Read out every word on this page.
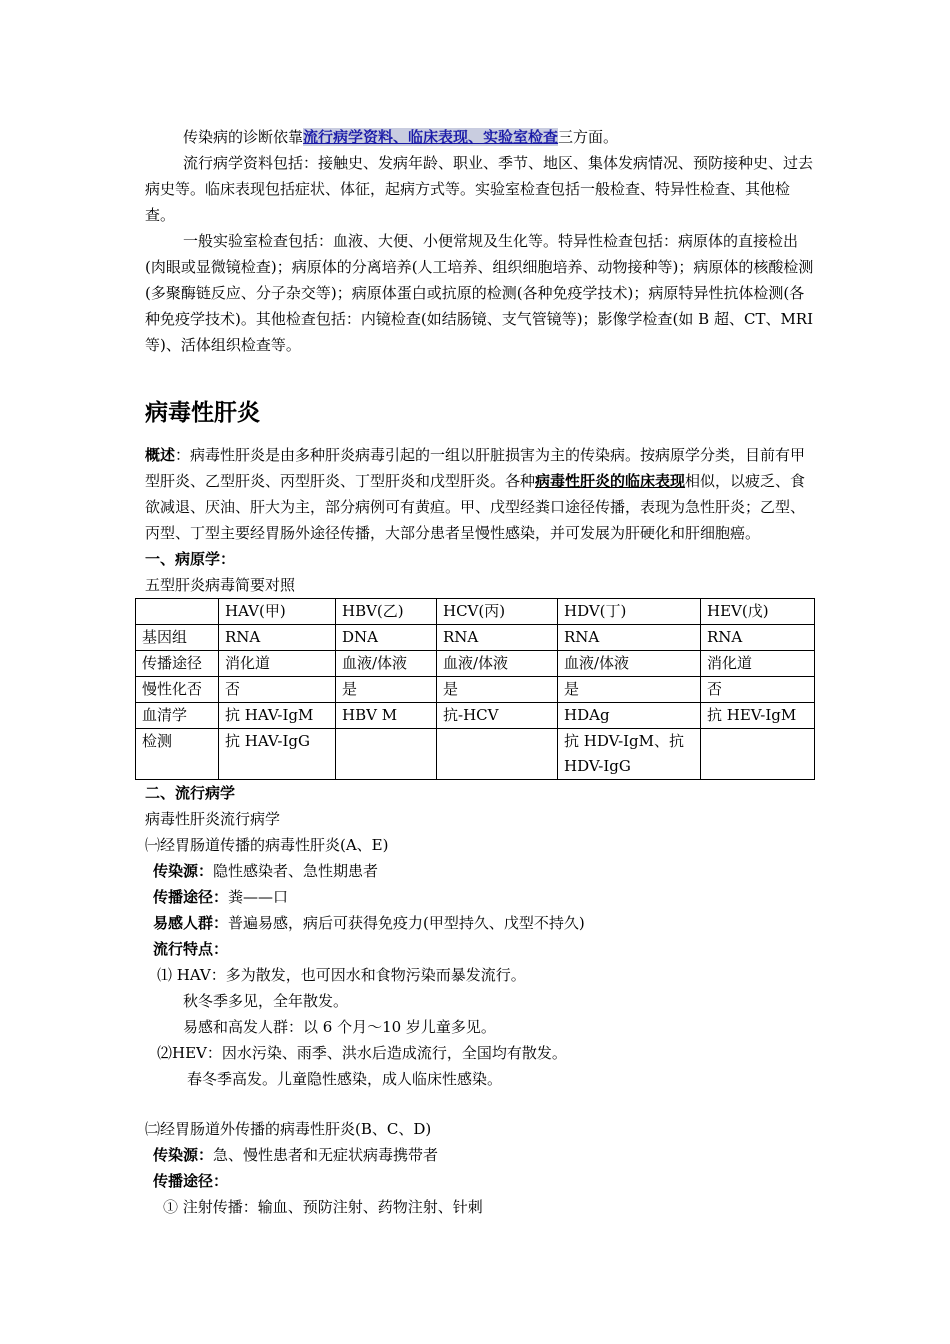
传染病的诊断依靠流行病学资料、临床表现、实验室检查三方面。

流行病学资料包括：接触史、发病年龄、职业、季节、地区、集体发病情况、预防接种史、过去病史等。临床表现包括症状、体征，起病方式等。实验室检查包括一般检查、特异性检查、其他检查。

一般实验室检查包括：血液、大便、小便常规及生化等。特异性检查包括：病原体的直接检出(肉眼或显微镜检查)；病原体的分离培养(人工培养、组织细胞培养、动物接种等)；病原体的核酸检测(多聚酶链反应、分子杂交等)；病原体蛋白或抗原的检测(各种免疫学技术)；病原特异性抗体检测(各种免疫学技术)。其他检查包括：内镜检查(如结肠镜、支气管镜等)；影像学检查(如 B 超、CT、MRI 等)、活体组织检查等。

病毒性肝炎

概述：病毒性肝炎是由多种肝炎病毒引起的一组以肝脏损害为主的传染病。按病原学分类，目前有甲型肝炎、乙型肝炎、丙型肝炎、丁型肝炎和戊型肝炎。各种病毒性肝炎的临床表现相似，以疲乏、食欲减退、厌油、肝大为主，部分病例可有黄疸。甲、戊型经粪口途径传播，表现为急性肝炎；乙型、丙型、丁型主要经胃肠外途径传播，大部分患者呈慢性感染，并可发展为肝硬化和肝细胞癌。

一、病原学：

五型肝炎病毒简要对照

	HAV(甲)	HBV(乙)	HCV(丙)	HDV(丁)	HEV(戊)
基因组	RNA	DNA	RNA	RNA	RNA
传播途径	消化道	血液/体液	血液/体液	血液/体液	消化道
慢性化否	否	是	是	是	否
血清学	抗 HAV-IgM	HBV M	抗-HCV	HDAg	抗 HEV-IgM
检测	抗 HAV-IgG			抗 HDV-IgM、抗 HDV-IgG	

二、流行病学

病毒性肝炎流行病学

㈠经胃肠道传播的病毒性肝炎(A、E)

传染源：隐性感染者、急性期患者

传播途径：粪——口

易感人群：普遍易感，病后可获得免疫力(甲型持久、戊型不持久)

流行特点：

⑴ HAV：多为散发，也可因水和食物污染而暴发流行。

秋冬季多见，全年散发。

易感和高发人群：以 6 个月～10 岁儿童多见。

⑵HEV：因水污染、雨季、洪水后造成流行，全国均有散发。

春冬季高发。儿童隐性感染，成人临床性感染。

㈡经胃肠道外传播的病毒性肝炎(B、C、D)

传染源：急、慢性患者和无症状病毒携带者

传播途径：

① 注射传播：输血、预防注射、药物注射、针刺
